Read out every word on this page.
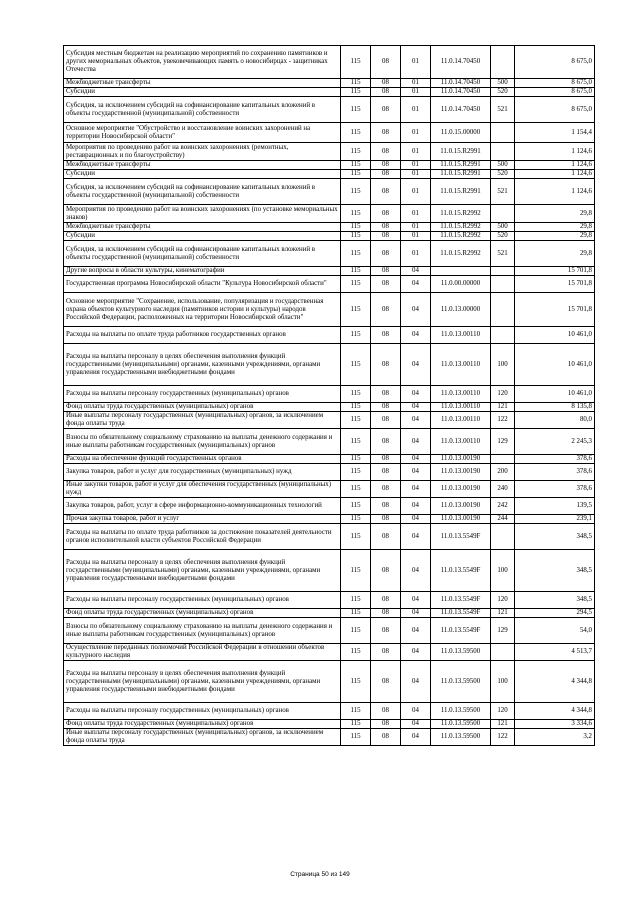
Субсидия местным бюджетам на реализацию мероприятий по сохранению памятников и других мемориальных объектов, увековечивающих память о новосибирцах - защитниках Отечества	115	08	01	11.0.14.70450		8 675,0
Межбюджетные трансферты	115	08	01	11.0.14.70450	500	8 675,0
Субсидии	115	08	01	11.0.14.70450	520	8 675,0
Субсидия, за исключением субсидий на софинансирование капитальных вложений в объекты государственной (муниципальной) собственности	115	08	01	11.0.14.70450	521	8 675,0
Основное мероприятие "Обустройство и восстановление воинских захоронений на территории Новосибирской области"	115	08	01	11.0.15.00000		1 154,4
Мероприятия по проведению работ на воинских захоронениях (ремонтных, реставрационных и по благоустройству)	115	08	01	11.0.15.R2991		1 124,6
Межбюджетные трансферты	115	08	01	11.0.15.R2991	500	1 124,6
Субсидии	115	08	01	11.0.15.R2991	520	1 124,6
Субсидия, за исключением субсидий на софинансирование капитальных вложений в объекты государственной (муниципальной) собственности	115	08	01	11.0.15.R2991	521	1 124,6
Мероприятия по проведению работ на воинских захоронениях (по установке мемориальных знаков)	115	08	01	11.0.15.R2992		29,8
Межбюджетные трансферты	115	08	01	11.0.15.R2992	500	29,8
Субсидии	115	08	01	11.0.15.R2992	520	29,8
Субсидия, за исключением субсидий на софинансирование капитальных вложений в объекты государственной (муниципальной) собственности	115	08	01	11.0.15.R2992	521	29,8
Другие вопросы в области культуры, кинематографии	115	08	04			15 701,8
Государственная программа Новосибирской области "Культура Новосибирской области"	115	08	04	11.0.00.00000		15 701,8
Основное мероприятие "Сохранение, использование, популяризация и государственная охрана объектов культурного наследия (памятников истории и культуры) народов Российской Федерации, расположенных на территории Новосибирской области"	115	08	04	11.0.13.00000		15 701,8
Расходы на выплаты по оплате труда работников государственных органов	115	08	04	11.0.13.00110		10 461,0
Расходы на выплаты персоналу в целях обеспечения выполнения функций государственными (муниципальными) органами, казенными учреждениями, органами управления государственными внебюджетными фондами	115	08	04	11.0.13.00110	100	10 461,0
Расходы на выплаты персоналу государственных (муниципальных) органов	115	08	04	11.0.13.00110	120	10 461,0
Фонд оплаты труда государственных (муниципальных) органов	115	08	04	11.0.13.00110	121	8 135,8
Иные выплаты персоналу государственных (муниципальных) органов, за исключением фонда оплаты труда	115	08	04	11.0.13.00110	122	80,0
Взносы по обязательному социальному страхованию на выплаты денежного содержания и иные выплаты работникам государственных (муниципальных) органов	115	08	04	11.0.13.00110	129	2 245,3
Расходы на обеспечение функций государственных органов	115	08	04	11.0.13.00190		378,6
Закупка товаров, работ и услуг для государственных (муниципальных) нужд	115	08	04	11.0.13.00190	200	378,6
Иные закупки товаров, работ и услуг для обеспечения государственных (муниципальных) нужд	115	08	04	11.0.13.00190	240	378,6
Закупка товаров, работ, услуг в сфере информационно-коммуникационных технологий	115	08	04	11.0.13.00190	242	139,5
Прочая закупка товаров, работ и услуг	115	08	04	11.0.13.00190	244	239,1
Расходы на выплаты по оплате труда работников за достижение показателей деятельности органов исполнительной власти субъектов Российской Федерации	115	08	04	11.0.13.5549F		348,5
Расходы на выплаты персоналу в целях обеспечения выполнения функций государственными (муниципальными) органами, казенными учреждениями, органами управления государственными внебюджетными фондами	115	08	04	11.0.13.5549F	100	348,5
Расходы на выплаты персоналу государственных (муниципальных) органов	115	08	04	11.0.13.5549F	120	348,5
Фонд оплаты труда государственных (муниципальных) органов	115	08	04	11.0.13.5549F	121	294,5
Взносы по обязательному социальному страхованию на выплаты денежного содержания и иные выплаты работникам государственных (муниципальных) органов	115	08	04	11.0.13.5549F	129	54,0
Осуществление переданных полномочий Российской Федерации в отношении объектов культурного наследия	115	08	04	11.0.13.59500		4 513,7
Расходы на выплаты персоналу в целях обеспечения выполнения функций государственными (муниципальными) органами, казенными учреждениями, органами управления государственными внебюджетными фондами	115	08	04	11.0.13.59500	100	4 344,8
Расходы на выплаты персоналу государственных (муниципальных) органов	115	08	04	11.0.13.59500	120	4 344,8
Фонд оплаты труда государственных (муниципальных) органов	115	08	04	11.0.13.59500	121	3 334,6
Иные выплаты персоналу государственных (муниципальных) органов, за исключением фонда оплаты труда	115	08	04	11.0.13.59500	122	3,2
Страница 50 из 149
